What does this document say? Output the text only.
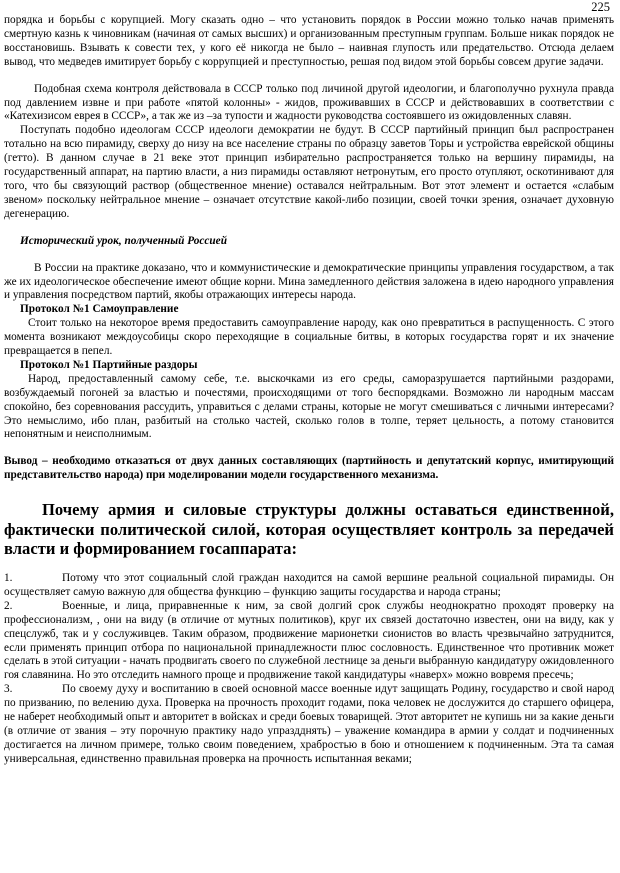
225

порядка и борьбы с корупцией. Могу сказать одно – что установить порядок в России можно только начав применять смертную казнь к чиновникам (начиная от самых высших) и организованным преступным группам. Больше никак порядок не восстановишь. Взывать к совести тех, у кого её никогда не было – наивная глупость или предательство. Отсюда делаем вывод, что медведев имитирует борьбу с коррупцией и преступностью, решая под видом этой борьбы совсем другие задачи.

Подобная схема контроля действовала в СССР только под личиной другой идеологии, и благополучно рухнула правда под давлением извне и при работе «пятой колонны» - жидов, проживавших в СССР и действовавших в соответствии с «Катехизисом еврея в СССР», а так же из –за тупости и жадности руководства состоявшего из ожидовленных славян.

Поступать подобно идеологам СССР идеологи демократии не будут. В СССР партийный принцип был распространен тотально на всю пирамиду, сверху до низу на все население страны по образцу заветов Торы и устройства еврейской общины (гетто). В данном случае в 21 веке этот принцип избирательно распространяется только на вершину пирамиды, на государственный аппарат, на партию власти, а низ пирамиды оставляют нетронутым, его просто отупляют, оскотинивают для того, что бы связующий раствор (общественное мнение) оставался нейтральным. Вот этот элемент и остается «слабым звеном» поскольку нейтральное мнение – означает отсутствие какой-либо позиции, своей точки зрения, означает духовную дегенерацию.

Исторический урок, полученный Россией

В России на практике доказано, что и коммунистические и демократические принципы управления государством, а так же их идеологическое обеспечение имеют общие корни. Мина замедленного действия заложена в идею народного управления и управления посредством партий, якобы отражающих интересы народа.

Протокол №1 Самоуправление

Стоит только на некоторое время предоставить самоуправление народу, как оно превратиться в распущенность. С этого момента возникают междоусобицы скоро переходящие в социальные битвы, в которых государства горят и их значение превращается в пепел.

Протокол №1 Партийные раздоры

Народ, предоставленный самому себе, т.е. выскочками из его среды, саморазрушается партийными раздорами, возбуждаемый погоней за властью и почестями, происходящими от того беспорядками. Возможно ли народным массам спокойно, без соревнования рассудить, управиться с делами страны, которые не могут смешиваться с личными интересами? Это немыслимо, ибо план, разбитый на столько частей, сколько голов в толпе, теряет цельность, а потому становится непонятным и неисполнимым.

Вывод – необходимо отказаться от двух данных составляющих (партийность и депутатский корпус, имитирующий представительство народа) при моделировании модели государственного механизма.

Почему армия и силовые структуры должны оставаться единственной, фактически политической силой, которая осуществляет контроль за передачей власти и формированием госаппарата:

1.	Потому что этот социальный слой граждан находится на самой вершине реальной социальной пирамиды. Он осуществляет самую важную для общества функцию – функцию защиты государства и народа страны;

2.	Военные, и лица, приравненные к ним, за свой долгий срок службы неоднократно проходят проверку на профессионализм, , они на виду (в отличие от мутных политиков), круг их связей достаточно известен, они на виду, как у спецслужб, так и у сослуживцев. Таким образом, продвижение марионетки сионистов во власть чрезвычайно затруднится, если применять принцип отбора по национальной принадлежности плюс сословность. Единственное что противник может сделать в этой ситуации - начать продвигать своего по служебной лестнице за деньги выбранную кандидатуру ожидовленного гоя славянина. Но это отследить намного проще и продвижение такой кандидатуры «наверх» можно вовремя пресечь;

3.	По своему духу и воспитанию в своей основной массе военные идут защищать Родину, государство и свой народ по призванию, по велению духа. Проверка на прочность проходит годами, пока человек не дослужится до старшего офицера, не наберет необходимый опыт и авторитет в войсках и среди боевых товарищей. Этот авторитет не купишь ни за какие деньги (в отличие от звания – эту порочную практику надо упраздднять) – уважение командира в армии у солдат и подчиненных достигается на личном примере, только своим поведением, храбростью в бою и отношением к подчиненным. Эта та самая универсальная, единственно правильная проверка на прочность испытанная веками;
